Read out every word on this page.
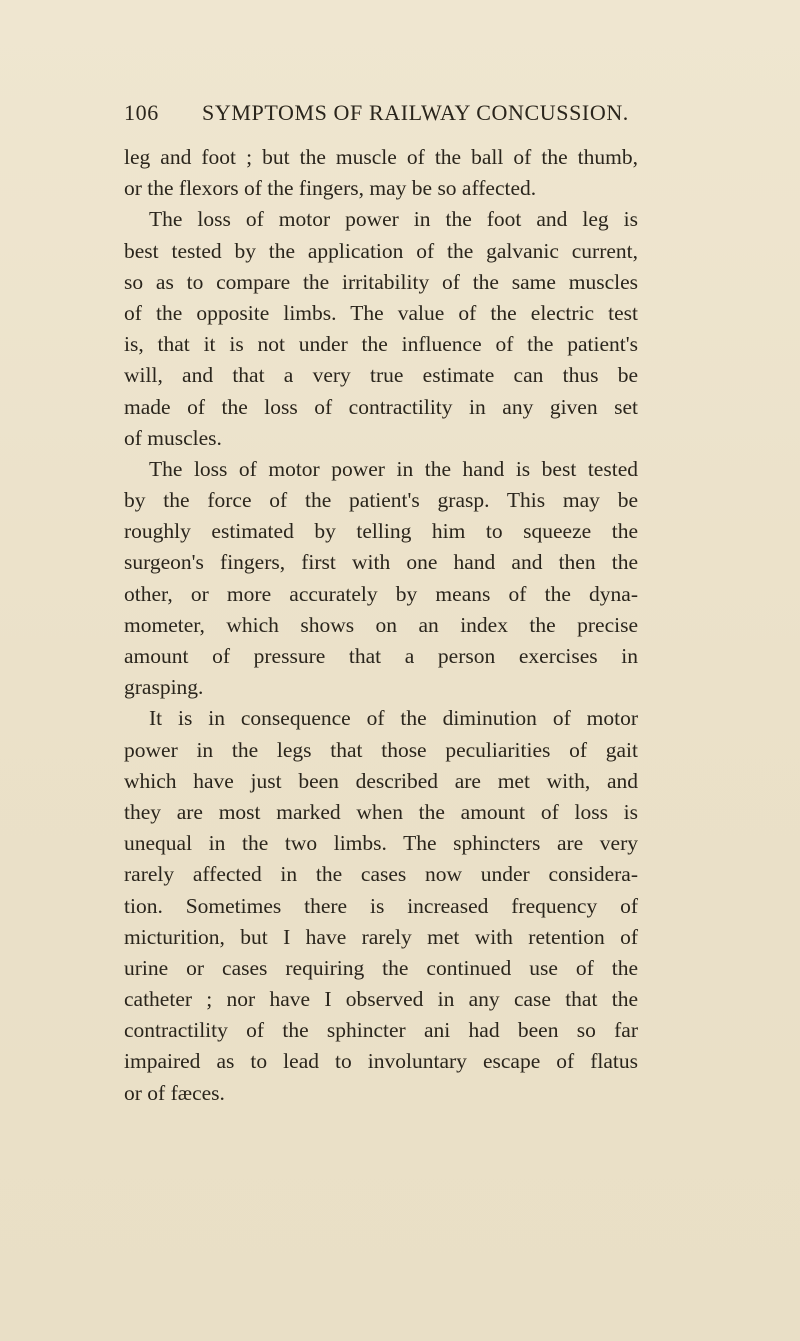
106 SYMPTOMS OF RAILWAY CONCUSSION.
leg and foot ; but the muscle of the ball of the thumb,
or the flexors of the fingers, may be so affected.
The loss of motor power in the foot and leg is
best tested by the application of the galvanic current,
so as to compare the irritability of the same muscles
of the opposite limbs. The value of the electric test
is, that it is not under the influence of the patient's
will, and that a very true estimate can thus be
made of the loss of contractility in any given set
of muscles.
The loss of motor power in the hand is best tested
by the force of the patient's grasp. This may be
roughly estimated by telling him to squeeze the
surgeon's fingers, first with one hand and then the
other, or more accurately by means of the dyna-
mometer, which shows on an index the precise
amount of pressure that a person exercises in
grasping.
It is in consequence of the diminution of motor
power in the legs that those peculiarities of gait
which have just been described are met with, and
they are most marked when the amount of loss is
unequal in the two limbs. The sphincters are very
rarely affected in the cases now under considera-
tion. Sometimes there is increased frequency of
micturition, but I have rarely met with retention of
urine or cases requiring the continued use of the
catheter ; nor have I observed in any case that the
contractility of the sphincter ani had been so far
impaired as to lead to involuntary escape of flatus
or of fæces.
